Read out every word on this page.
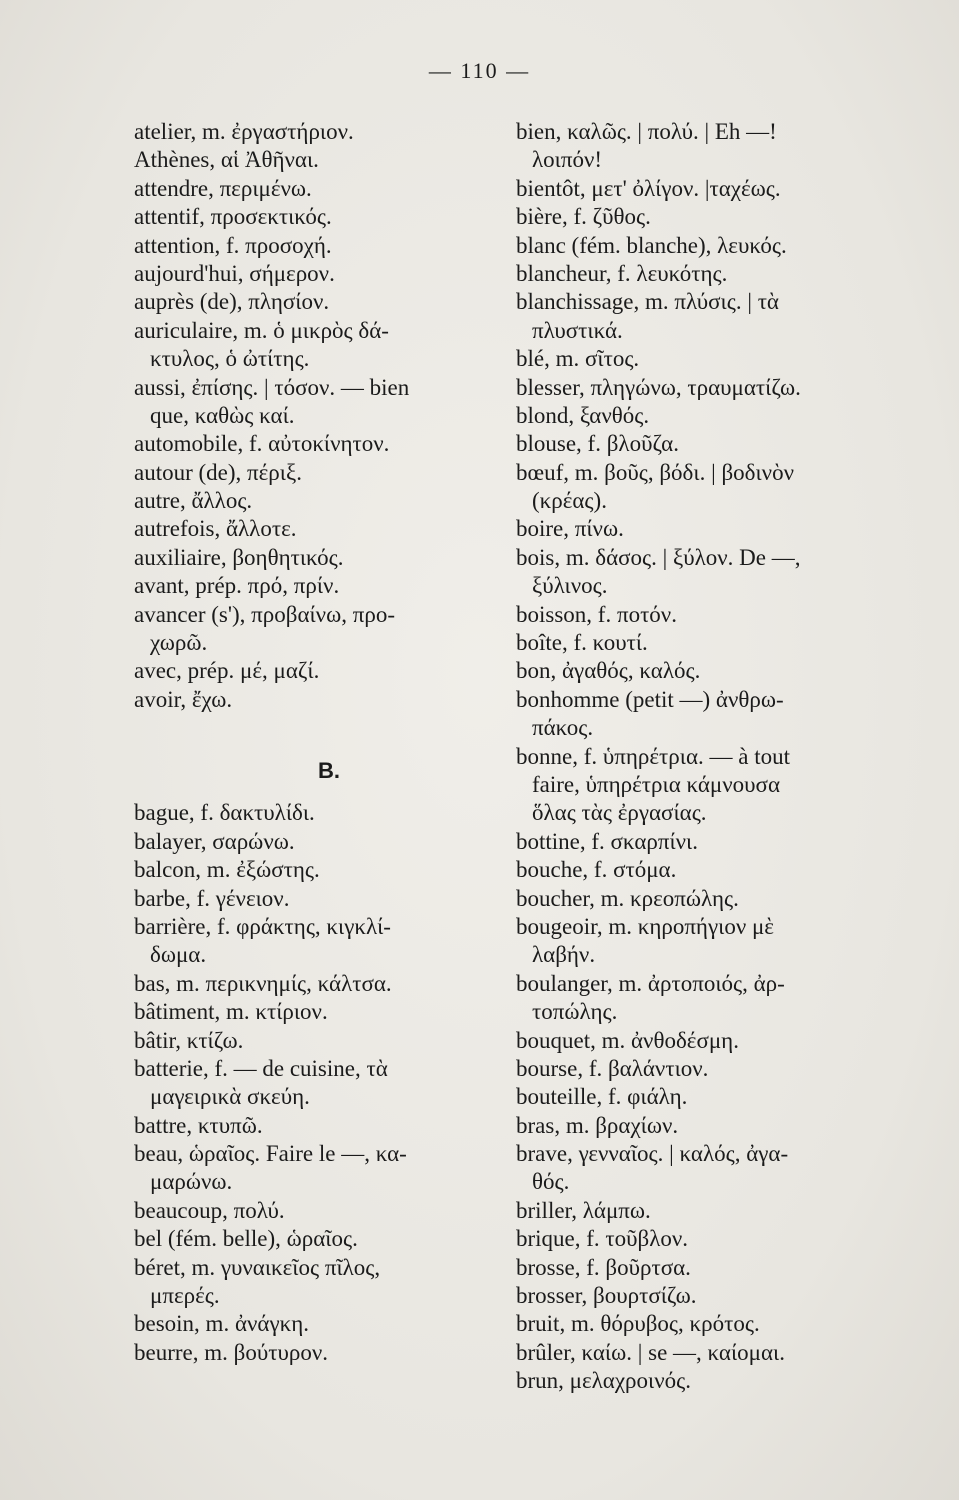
— 110 —
atelier, m. ἐργαστήριον.
Athènes, αἱ Ἀθῆναι.
attendre, περιμένω.
attentif, προσεκτικός.
attention, f. προσοχή.
aujourd'hui, σήμερον.
auprès (de), πλησίον.
auriculaire, m. ὁ μικρὸς δά-
κτυλος, ὁ ὠτίτης.
aussi, ἐπίσης. | τόσον. — bien
que, καθὼς καί.
automobile, f. αὐτοκίνητον.
autour (de), πέριξ.
autre, ἄλλος.
autrefois, ἄλλοτε.
auxiliaire, βοηθητικός.
avant, prép. πρό, πρίν.
avancer (s'), προβαίνω, προ-
χωρῶ.
avec, prép. μέ, μαζί.
avoir, ἔχω.
B.
bague, f. δακτυλίδι.
balayer, σαρώνω.
balcon, m. ἐξώστης.
barbe, f. γένειον.
barrière, f. φράκτης, κιγκλί-
δωμα.
bas, m. περικνημίς, κάλτσα.
bâtiment, m. κτίριον.
bâtir, κτίζω.
batterie, f. — de cuisine, τὰ
μαγειρικὰ σκεύη.
battre, κτυπῶ.
beau, ὡραῖος. Faire le —, κα-
μαρώνω.
beaucoup, πολύ.
bel (fém. belle), ὡραῖος.
béret, m. γυναικεῖος πῖλος,
μπερές.
besoin, m. ἀνάγκη.
beurre, m. βούτυρον.
bien, καλῶς. | πολύ. | Eh —!
λοιπόν!
bientôt, μετ' ὀλίγον. |ταχέως.
bière, f. ζῦθος.
blanc (fém. blanche), λευκός.
blancheur, f. λευκότης.
blanchissage, m. πλύσις. | τὰ
πλυστικά.
blé, m. σῖτος.
blesser, πληγώνω, τραυματίζω.
blond, ξανθός.
blouse, f. βλοῦζα.
bœuf, m. βοῦς, βόδι. | βοδινὸν
(κρέας).
boire, πίνω.
bois, m. δάσος. | ξύλον. De —,
ξύλινος.
boisson, f. ποτόν.
boîte, f. κουτί.
bon, ἀγαθός, καλός.
bonhomme (petit —) ἀνθρω-
πάκος.
bonne, f. ὑπηρέτρια. — à tout
faire, ὑπηρέτρια κάμνουσα
ὅλας τὰς ἐργασίας.
bottine, f. σκαρπίνι.
bouche, f. στόμα.
boucher, m. κρεοπώλης.
bougeoir, m. κηροπήγιον μὲ
λαβήν.
boulanger, m. ἀρτοποιός, ἀρ-
τοπώλης.
bouquet, m. ἀνθοδέσμη.
bourse, f. βαλάντιον.
bouteille, f. φιάλη.
bras, m. βραχίων.
brave, γενναῖος. | καλός, ἀγα-
θός.
briller, λάμπω.
brique, f. τοῦβλον.
brosse, f. βοῦρτσα.
brosser, βουρτσίζω.
bruit, m. θόρυβος, κρότος.
brûler, καίω. | se —, καίομαι.
brun, μελαχροινός.
